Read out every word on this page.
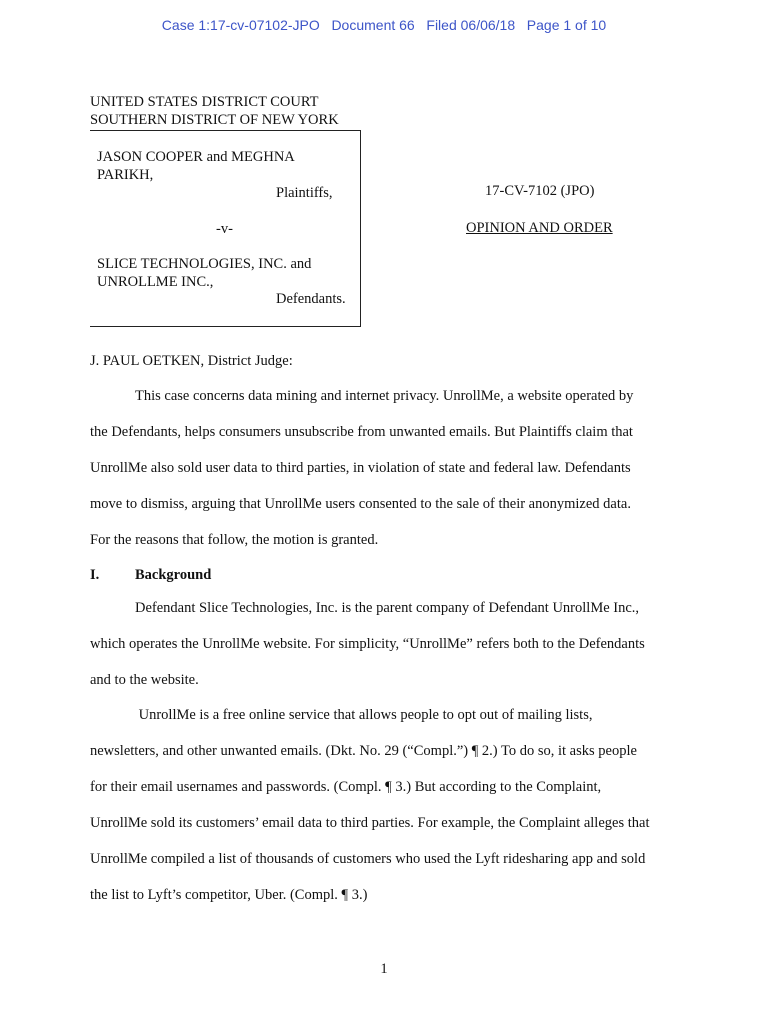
Case 1:17-cv-07102-JPO Document 66 Filed 06/06/18 Page 1 of 10
UNITED STATES DISTRICT COURT
SOUTHERN DISTRICT OF NEW YORK
JASON COOPER and MEGHNA
PARIKH,
Plaintiffs,
-v-
SLICE TECHNOLOGIES, INC. and
UNROLLME INC.,
Defendants.
17-CV-7102 (JPO)
OPINION AND ORDER
J. PAUL OETKEN, District Judge:
This case concerns data mining and internet privacy. UnrollMe, a website operated by
the Defendants, helps consumers unsubscribe from unwanted emails. But Plaintiffs claim that
UnrollMe also sold user data to third parties, in violation of state and federal law. Defendants
move to dismiss, arguing that UnrollMe users consented to the sale of their anonymized data.
For the reasons that follow, the motion is granted.
I. Background
Defendant Slice Technologies, Inc. is the parent company of Defendant UnrollMe Inc.,
which operates the UnrollMe website. For simplicity, “UnrollMe” refers both to the Defendants
and to the website.
UnrollMe is a free online service that allows people to opt out of mailing lists,
newsletters, and other unwanted emails. (Dkt. No. 29 (“Compl.”) ¶ 2.) To do so, it asks people
for their email usernames and passwords. (Compl. ¶ 3.) But according to the Complaint,
UnrollMe sold its customers’ email data to third parties. For example, the Complaint alleges that
UnrollMe compiled a list of thousands of customers who used the Lyft ridesharing app and sold
the list to Lyft’s competitor, Uber. (Compl. ¶ 3.)
1
